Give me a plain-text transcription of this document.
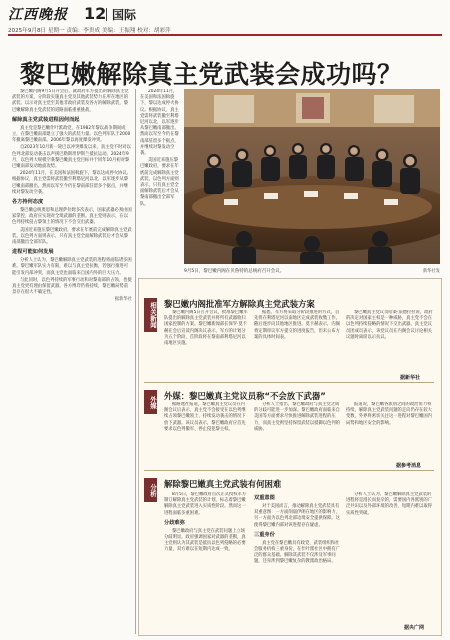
江西晚报 12 国际
2025年9月8日 星期一 责编：李贵成 美编：王振翔 校对：胡彩萍
黎巴嫩解除真主党武装会成功吗？

黎巴嫩内阁9月5日开会后，就政府军方提出的解除真主党武装的方案，分阶段实施真主党及其他武装势力在所在地区的武装。以示对真主党至其他非政府武装及各方的解除武装，黎巴嫩解除真主党武装的道路面临重重挑战，

解除真主党武装进程因何而起

真主党是黎巴嫩什叶派政党，在1982年黎以战争期间成立，在黎巴嫩南部建立了强大的武装力量。以色列军队于2000年撤离黎巴嫩南部。2006年黎以再度爆发冲突。

自2023年10月新一轮巴以冲突爆发以来，真主党不时对以色列北部发动袭击以声援巴勒斯坦伊斯兰抵抗运动。2024年9月，以色列大规模空袭黎巴嫩真主党目标并于同年10月初对黎巴嫩南部发动地面攻势。

2024年11月，在美国和法国斡旋下，黎以达成停火协议。根据协议，真主党需将武装撤至利塔尼河以北，以军逐步从黎巴嫩南部撤出。然而以军至今仍在黎南部驻留多个据点，并继续对黎发动空袭。

各方持何态度

黎巴嫩总统奥恩和总理萨拉姆多次表示，国家武器必须由国家掌控，政府应实现对全境武器的垄断。真主党则表示，在以色列持续侵占黎领土的情况下不会交出武器。

美国近来施压黎巴嫩政府，要求在年底前完成解除真主党武装。以色列方面则表示，只有真主党全面解除武装后才会从黎南部撤出全部军队。

进程可能如何发展

分析人士认为，黎巴嫩解除真主党武装的进程将面临诸多困难。黎巴嫩军队实力有限，难以与真主党抗衡，若强行推进可能引发内部冲突，而真主党也面临来自国内外的巨大压力。

与此同时，以色列持续的军事行动和对黎南部的占领，也使真主党更有理由保留武器。各方博弈仍将持续，黎巴嫩局势前景存在很大不确定性。

据新华社

2024年11月，在美国和法国斡旋下，黎以达成停火协议。根据协议，真主党需将武装撤至利塔尼河以北，以军逐步从黎巴嫩南部撤出。然而以军至今仍在黎南部驻留多个据点，并继续对黎发动空袭。

美国近来施压黎巴嫩政府，要求在年底前完成解除真主党武装。以色列方面则表示，只有真主党全面解除武装后才会从黎南部撤出全部军队。

9月5日，黎巴嫩内阁在贝鲁特的总统府召开会议。	新华社发
相关新闻 黎巴嫩内阁批准军方解除真主党武装方案

黎巴嫩内阁5日召开会议，批准黎巴嫩军队提出的解除真主党武装并将所有武器收归国家控制的方案。黎巴嫩新闻部长保罗·莫卡赫在会后宣读内阁决议表示，军方的计划分为五个阶段，首阶段将在黎南部利塔尼河以南地区实施。

据悉，军方将采取分阶段推进的方式，首先将在利塔尼河以南地区完成武装收缴工作，随后逐步向其他地区推进。莫卡赫表示，内阁将定期审议军方提交的进度报告，但未公布方案的具体时间表。

黎巴嫩真主党议员哈桑·法德拉拉说，政府的决定对国家主权是一种威胁，真主党不会在以色列持续侵略的情况下交出武器。真主党议员团成员表示，该党议员在内阁会议讨论相关议题时离席以示抗议。

据新华社
外媒 外媒：黎巴嫩真主党议员称“不会放下武器”

据路透社报道，黎巴嫩真主党议员在内阁会议后表示，真主党不会接受在以色列继续占领黎巴嫩领土、持续发动袭击的情况下放下武器。该议员表示，黎巴嫩政府应首先要求以色列撤军、停止侵犯黎主权。

分析人士指出，黎巴嫩政府与真主党之间的分歧可能进一步加深。黎巴嫩政府面临来自美国等方面要求尽快推进解除武装进程的压力，而真主党则坚持保留武装以抵御以色列的威胁。

报道说，黎巴嫩各派别之间的政治角力将持续，解除真主党武装问题的走向仍存在较大变数，外界将密切关注这一进程对黎巴嫩国内局势和地区安全的影响。

据参考消息
分析 解除黎巴嫩真主党武装有何困难

8月5日，黎巴嫩政府首次正式授权军方制订解除真主党武装的计划，标志着黎巴嫩解除真主党武装进入实质性阶段。然而这一进程面临多重困难。

分歧难弥

黎巴嫩政府与真主党在武装问题上立场分歧明显。政府强调国家对武器的垄断，真主党则认为其武装是抵抗以色列侵略的必要力量，双方难以在短期内达成一致。

双重意图

对于美国而言，推动解除真主党武装具有双重意图：一方面削弱伊朗在地区的影响力，另一方面为以色列北部边境安全提供保障。这使得黎巴嫩内部对该进程存在疑虑。

三重身份

真主党在黎巴嫩具有政党、武装组织和社会服务机构三重身份，在什叶派社区中拥有广泛的群众基础。解除其武装不仅涉及军事问题，还牵涉到黎巴嫩复杂的教派政治格局。

分析人士认为，黎巴嫩解除真主党武装的进程将是漫长而复杂的，需要国内各派别的广泛共识以及外部环境的改善，短期内难以取得实质性突破。

据央广网
